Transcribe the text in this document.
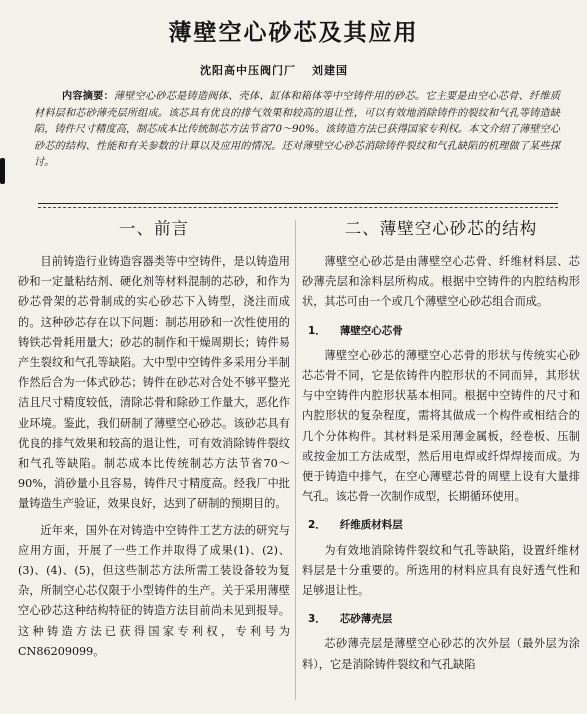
薄壁空心砂芯及其应用
沈阳高中压阀门厂 刘建国
内容摘要：薄壁空心砂芯是铸造阀体、壳体、缸体和箱体等中空铸件用的砂芯。它主要是由空心芯骨、纤维质材料层和芯砂薄壳层所组成。该芯具有优良的排气效果和较高的退让性，可以有效地消除铸件的裂纹和气孔等铸造缺陷，铸件尺寸精度高，制芯成本比传统制芯方法节省70～90%。该铸造方法已获得国家专利权。本文介绍了薄壁空心砂芯的结构、性能和有关参数的计算以及应用的情况。还对薄壁空心砂芯消除铸件裂纹和气孔缺陷的机理做了某些探讨。
一、前言

目前铸造行业铸造容器类等中空铸件，是以铸造用砂和一定量粘结剂、硬化剂等材料混制的芯砂，和作为砂芯骨架的芯骨制成的实心砂芯下入铸型，浇注而成的。这种砂芯存在以下问题：制芯用砂和一次性使用的铸铁芯骨耗用量大；砂芯的制作和干燥周期长；铸件易产生裂纹和气孔等缺陷。大中型中空铸件多采用分半制作然后合为一体式砂芯；铸件在砂芯对合处不够平整光洁且尺寸精度较低，清除芯骨和除砂工作量大，恶化作业环境。鉴此，我们研制了薄壁空心砂芯。该砂芯具有优良的排气效果和较高的退让性，可有效消除铸件裂纹和气孔等缺陷。制芯成本比传统制芯方法节省70～90%，消砂量小且容易，铸件尺寸精度高。经我厂中批量铸造生产验证，效果良好，达到了研制的预期目的。

近年来，国外在对铸造中空铸件工艺方法的研究与应用方面，开展了一些工作并取得了成果(1)、(2)、(3)、(4)、(5)，但这些制芯方法所需工装设备较为复杂，所制空心芯仅限于小型铸件的生产。关于采用薄壁空心砂芯这种结构特征的铸造方法目前尚未见到报导。这种铸造方法已获得国家专利权，专利号为CN86209099。

二、薄壁空心砂芯的结构

薄壁空心砂芯是由薄壁空心芯骨、纤维材料层、芯砂薄壳层和涂料层所构成。根据中空铸件的内腔结构形状，其芯可由一个或几个薄壁空心砂芯组合而成。

1． 薄壁空心芯骨

薄壁空心砂芯的薄壁空心芯骨的形状与传统实心砂芯芯骨不同，它是依铸件内腔形状的不同而异，其形状与中空铸件内腔形状基本相同。根据中空铸件的尺寸和内腔形状的复杂程度，需将其做成一个构件或相结合的几个分体构件。其材料是采用薄金属板，经卷板、压制或按金加工方法成型，然后用电焊或纤焊焊接而成。为便于铸造中排气，在空心薄壁芯骨的周壁上设有大量排气孔。该芯骨一次制作成型，长期循环使用。

2． 纤维质材料层

为有效地消除铸件裂纹和气孔等缺陷，设置纤维材料层是十分重要的。所选用的材料应具有良好透气性和足够退让性。

3． 芯砂薄壳层

芯砂薄壳层是薄壁空心砂芯的次外层（最外层为涂料），它是消除铸件裂纹和气孔缺陷
